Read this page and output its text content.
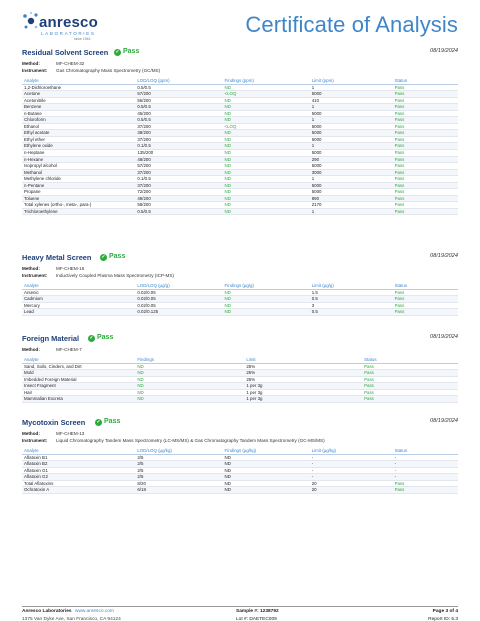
anresco
LABORATORIES
since 1943
Certificate of Analysis
Residual Solvent Screen ✓ Pass	08/19/2024
Method:	MF-CHEM-32
Instrument: Gas Chromatography Mass Spectrometry (GC/MS)
Analyte	LOD/LOQ (ppm)	Findings (ppm)	Limit (ppm)	Status
1,2-Dichloroethane	0.5/0.5	ND	1	Pass
Acetone	57/200	<LOQ	5000	Pass
Acetonitrile	56/200	ND	410	Pass
Benzene	0.5/0.5	ND	1	Pass
n-Butane	45/200	ND	5000	Pass
Chloroform	0.5/0.5	ND	1	Pass
Ethanol	37/200	<LOQ	5000	Pass
Ethyl acetate	38/200	ND	5000	Pass
Ethyl ether	37/200	ND	5000	Pass
Ethylene oxide	0.1/0.5	ND	1	Pass
n-Heptane	135/200	ND	5000	Pass
n-Hexane	48/200	ND	290	Pass
Isopropyl alcohol	57/200	ND	5000	Pass
Methanol	37/200	ND	3000	Pass
Methylene chloride	0.1/0.5	ND	1	Pass
n-Pentane	37/200	ND	5000	Pass
Propane	72/200	ND	5000	Pass
Toluene	49/200	ND	890	Pass
Total xylenes (ortho-, meta-, para-)	58/200	ND	2170	Pass
Trichloroethylene	0.5/0.5	ND	1	Pass
Heavy Metal Screen ✓ Pass	08/19/2024
Method:	MF-CHEM-16
Instrument: Inductively Coupled Plasma Mass Spectrometry (ICP-MS)
Analyte	LOD/LOQ (µg/g)	Findings (µg/g)	Limit (µg/g)	Status
Arsenic	0.02/0.05	ND	1.5	Pass
Cadmium	0.02/0.05	ND	0.5	Pass
Mercury	0.02/0.05	ND	3	Pass
Lead	0.02/0.125	ND	0.5	Pass
Foreign Material ✓ Pass	08/19/2024
Method:	MF-CHEM-7
Analyte	Findings	Limit	Status
Sand, Soils, Cinders, and Dirt	ND	25%	Pass
Mold	ND	25%	Pass
Imbedded Foreign Material	ND	25%	Pass
Insect Fragment	ND	1 per 3g	Pass
Hair	ND	1 per 3g	Pass
Mammalian Excreta	ND	1 per 3g	Pass
Mycotoxin Screen ✓ Pass	08/19/2024
Method:	MF-CHEM-13
Instrument: Liquid Chromatography Tandem Mass Spectrometry (LC-MS/MS) & Gas Chromatography Tandem Mass Spectrometry (GC-MS/MS)
Analyte	LOD/LOQ (µg/kg)	Findings (µg/kg)	Limit (µg/kg)	Status
Aflatoxin B1	2/5	ND	-	-
Aflatoxin B2	2/5	ND	-	-
Aflatoxin G1	2/5	ND	-	-
Aflatoxin G2	2/5	ND	-	-
Total Aflatoxins	8/20	ND	20	Pass
Ochratoxin A	6/18	ND	20	Pass
Anresco Laboratories www.anresco.com
1375 Van Dyke Ave, San Francisco, CA 94124
Sample #: 1238792
Lot #: DAETEC009
Page 3 of 4
Report ID: 5.3
